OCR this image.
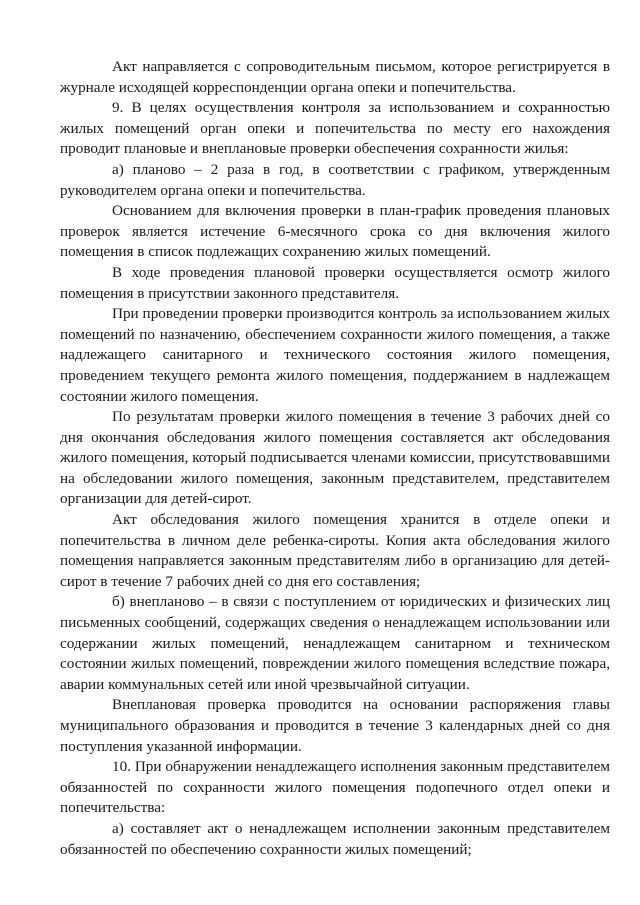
Акт направляется с сопроводительным письмом, которое регистрируется в журнале исходящей корреспонденции органа опеки и попечительства.

9. В целях осуществления контроля за использованием и сохранностью жилых помещений орган опеки и попечительства по месту его нахождения проводит плановые и внеплановые проверки обеспечения сохранности жилья:

а) планово – 2 раза в год, в соответствии с графиком, утвержденным руководителем органа опеки и попечительства.

Основанием для включения проверки в план-график проведения плановых проверок является истечение 6-месячного срока со дня включения жилого помещения в список подлежащих сохранению жилых помещений.

В ходе проведения плановой проверки осуществляется осмотр жилого помещения в присутствии законного представителя.

При проведении проверки производится контроль за использованием жилых помещений по назначению, обеспечением сохранности жилого помещения, а также надлежащего санитарного и технического состояния жилого помещения, проведением текущего ремонта жилого помещения, поддержанием в надлежащем состоянии жилого помещения.

По результатам проверки жилого помещения в течение 3 рабочих дней со дня окончания обследования жилого помещения составляется акт обследования жилого помещения, который подписывается членами комиссии, присутствовавшими на обследовании жилого помещения, законным представителем, представителем организации для детей-сирот.

Акт обследования жилого помещения хранится в отделе опеки и попечительства в личном деле ребенка-сироты. Копия акта обследования жилого помещения направляется законным представителям либо в организацию для детей-сирот в течение 7 рабочих дней со дня его составления;

б) внепланово – в связи с поступлением от юридических и физических лиц письменных сообщений, содержащих сведения о ненадлежащем использовании или содержании жилых помещений, ненадлежащем санитарном и техническом состоянии жилых помещений, повреждении жилого помещения вследствие пожара, аварии коммунальных сетей или иной чрезвычайной ситуации.

Внеплановая проверка проводится на основании распоряжения главы муниципального образования и проводится в течение 3 календарных дней со дня поступления указанной информации.

10. При обнаружении ненадлежащего исполнения законным представителем обязанностей по сохранности жилого помещения подопечного отдел опеки и попечительства:

а) составляет акт о ненадлежащем исполнении законным представителем обязанностей по обеспечению сохранности жилых помещений;
